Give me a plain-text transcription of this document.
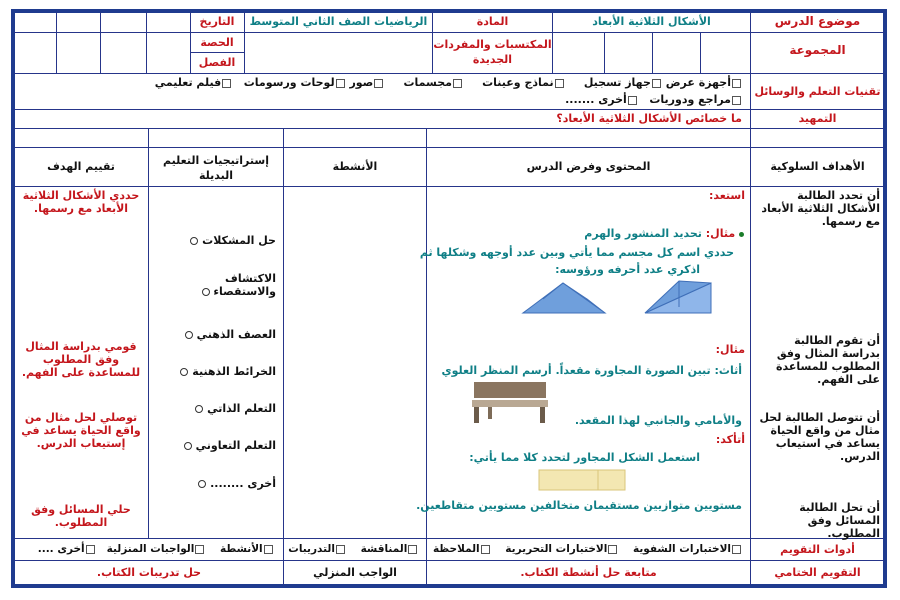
موضوع الدرس
الأشكال الثلاثية الأبعاد
المادة
الرياضيات الصف الثاني المتوسط
التاريخ
المجموعة
المكتسبات والمفردات الجديدة
الحصة
الفصل
تقنيات التعلم والوسائل
أجهزة عرض جهاز تسجيل     نماذج وعينات     مجسمات     صور لوحات ورسومات   فيلم تعليمي
مراجع ودوريات   أخرى .......
التمهيد
ما خصائص الأشكال الثلاثية الأبعاد؟
الأهداف السلوكية
المحتوى وفرض الدرس
الأنشطة
إستراتيجيات التعليم البديلة
تقييم الهدف
أن تحدد الطالبة الأشكال الثلاثية الأبعاد مع رسمها.
أن تقوم الطالبة بدراسة المثال وفق المطلوب للمساعدة على الفهم.
أن تتوصل الطالبة لحل مثال من واقع الحياة يساعد في استيعاب الدرس.
أن تحل الطالبة المسائل وفق المطلوب.
استعد:
مثال: تحديد المنشور والهرم
حددي اسم كل مجسم مما يأتي وبين عدد أوجهه وشكلها ثم
اذكري عدد أحرفه ورؤوسه:
مثال:
أثاث: تبين الصورة المجاورة مقعداً. أرسم المنظر العلوي
والأمامي والجانبي لهذا المقعد.
أتأكد:
استعمل الشكل المجاور لتحدد كلا مما يأتي:
مستويين متوازيين مستقيمان متخالفين مستويين متقاطعين.
حل المشكلات
الاكتشاف والاستقصاء
العصف الذهني
الخرائط الذهنية
التعلم الذاتي
التعلم التعاوني
أخرى ........
حددي الأشكال الثلاثية الأبعاد مع رسمها.
قومي بدراسة المثال وفق المطلوب للمساعدة على الفهم.
توصلي لحل مثال من واقع الحياة يساعد في إستيعاب الدرس.
حلي المسائل وفق المطلوب.
أدوات التقويم
الاختبارات الشفوية    الاختبارات التحريرية    الملاحظة    المناقشة    التدريبات    الأنشطة    الواجبات المنزلية   أخرى ....
التقويم الختامي
متابعة حل أنشطة الكتاب.
الواجب المنزلي
حل تدريبات الكتاب.
